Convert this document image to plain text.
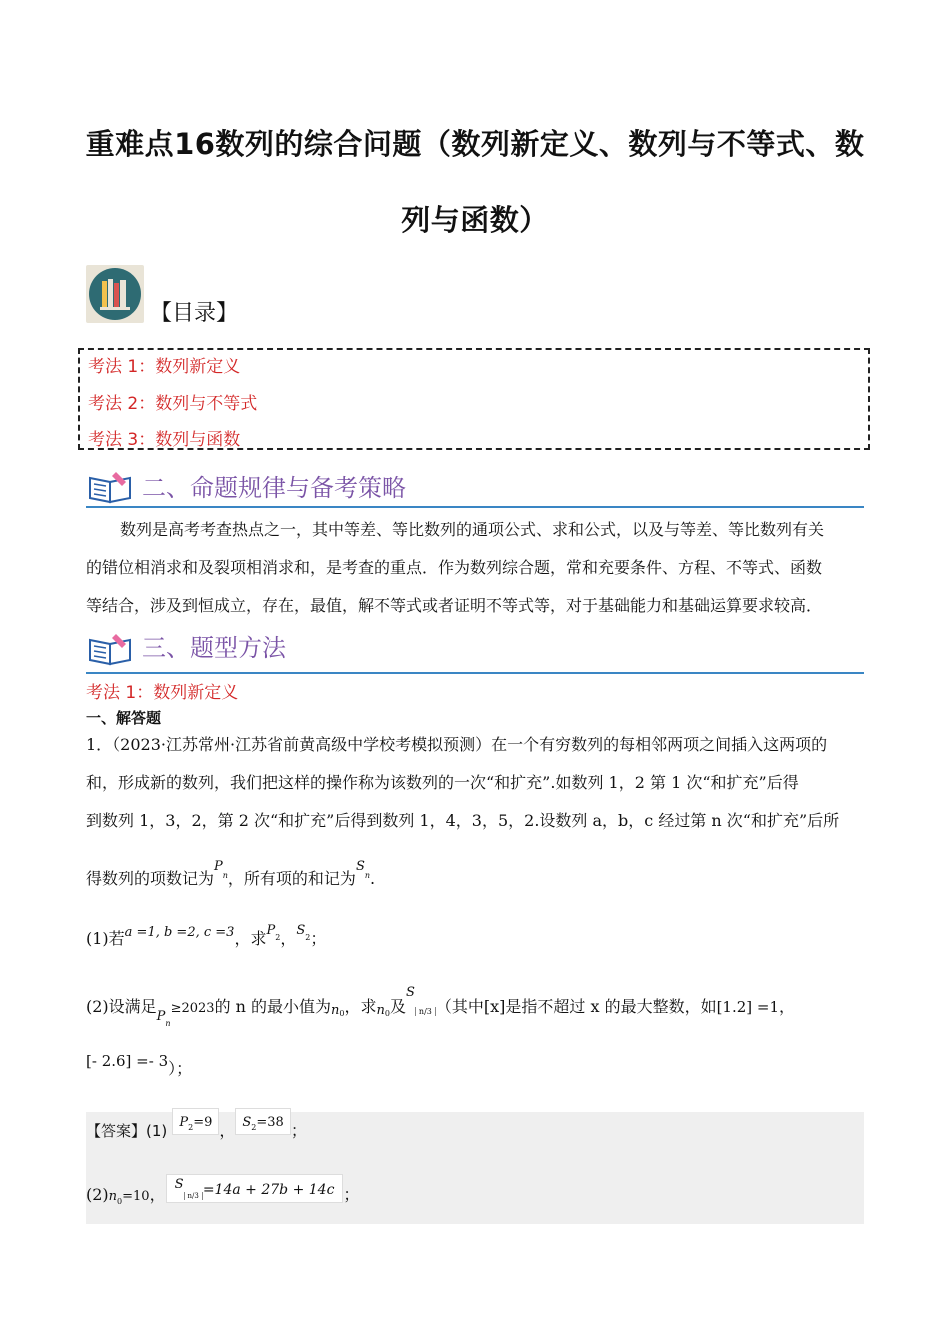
重难点16数列的综合问题（数列新定义、数列与不等式、数
列与函数）
【目录】
考法 1：数列新定义
考法 2：数列与不等式
考法 3：数列与函数
二、命题规律与备考策略
数列是高考考查热点之一，其中等差、等比数列的通项公式、求和公式，以及与等差、等比数列有关
的错位相消求和及裂项相消求和，是考查的重点．作为数列综合题，常和充要条件、方程、不等式、函数
等结合，涉及到恒成立，存在，最值，解不等式或者证明不等式等，对于基础能力和基础运算要求较高．
三、题型方法
考法 1：数列新定义
一、解答题
1．（2023·江苏常州·江苏省前黄高级中学校考模拟预测）在一个有穷数列的每相邻两项之间插入这两项的
和，形成新的数列，我们把这样的操作称为该数列的一次“和扩充”.如数列 1，2 第 1 次“和扩充”后得
到数列 1，3，2，第 2 次“和扩充”后得到数列 1，4，3，5，2.设数列 a，b，c 经过第 n 次“和扩充”后所
得数列的项数记为$^P_n$，所有项的和记为$^S_n$.
(1)若$^{a =1, b =2, c =3}$，求$^P_2$，$^S_2$；
(2)设满足$_{Pn}$≥2023的 n 的最小值为$n_0$，求$n_0$及$^S$n/3 （其中[x]是指不超过 x 的最大整数，如[1.2] =1，
[- 2.6] =- 3）；
【答案】(1) $P_2=9$ ， $S_2=38$ ；
$(2)n_0=10$，$^S_{n/3}$ =14a + 27b + 14c ；
